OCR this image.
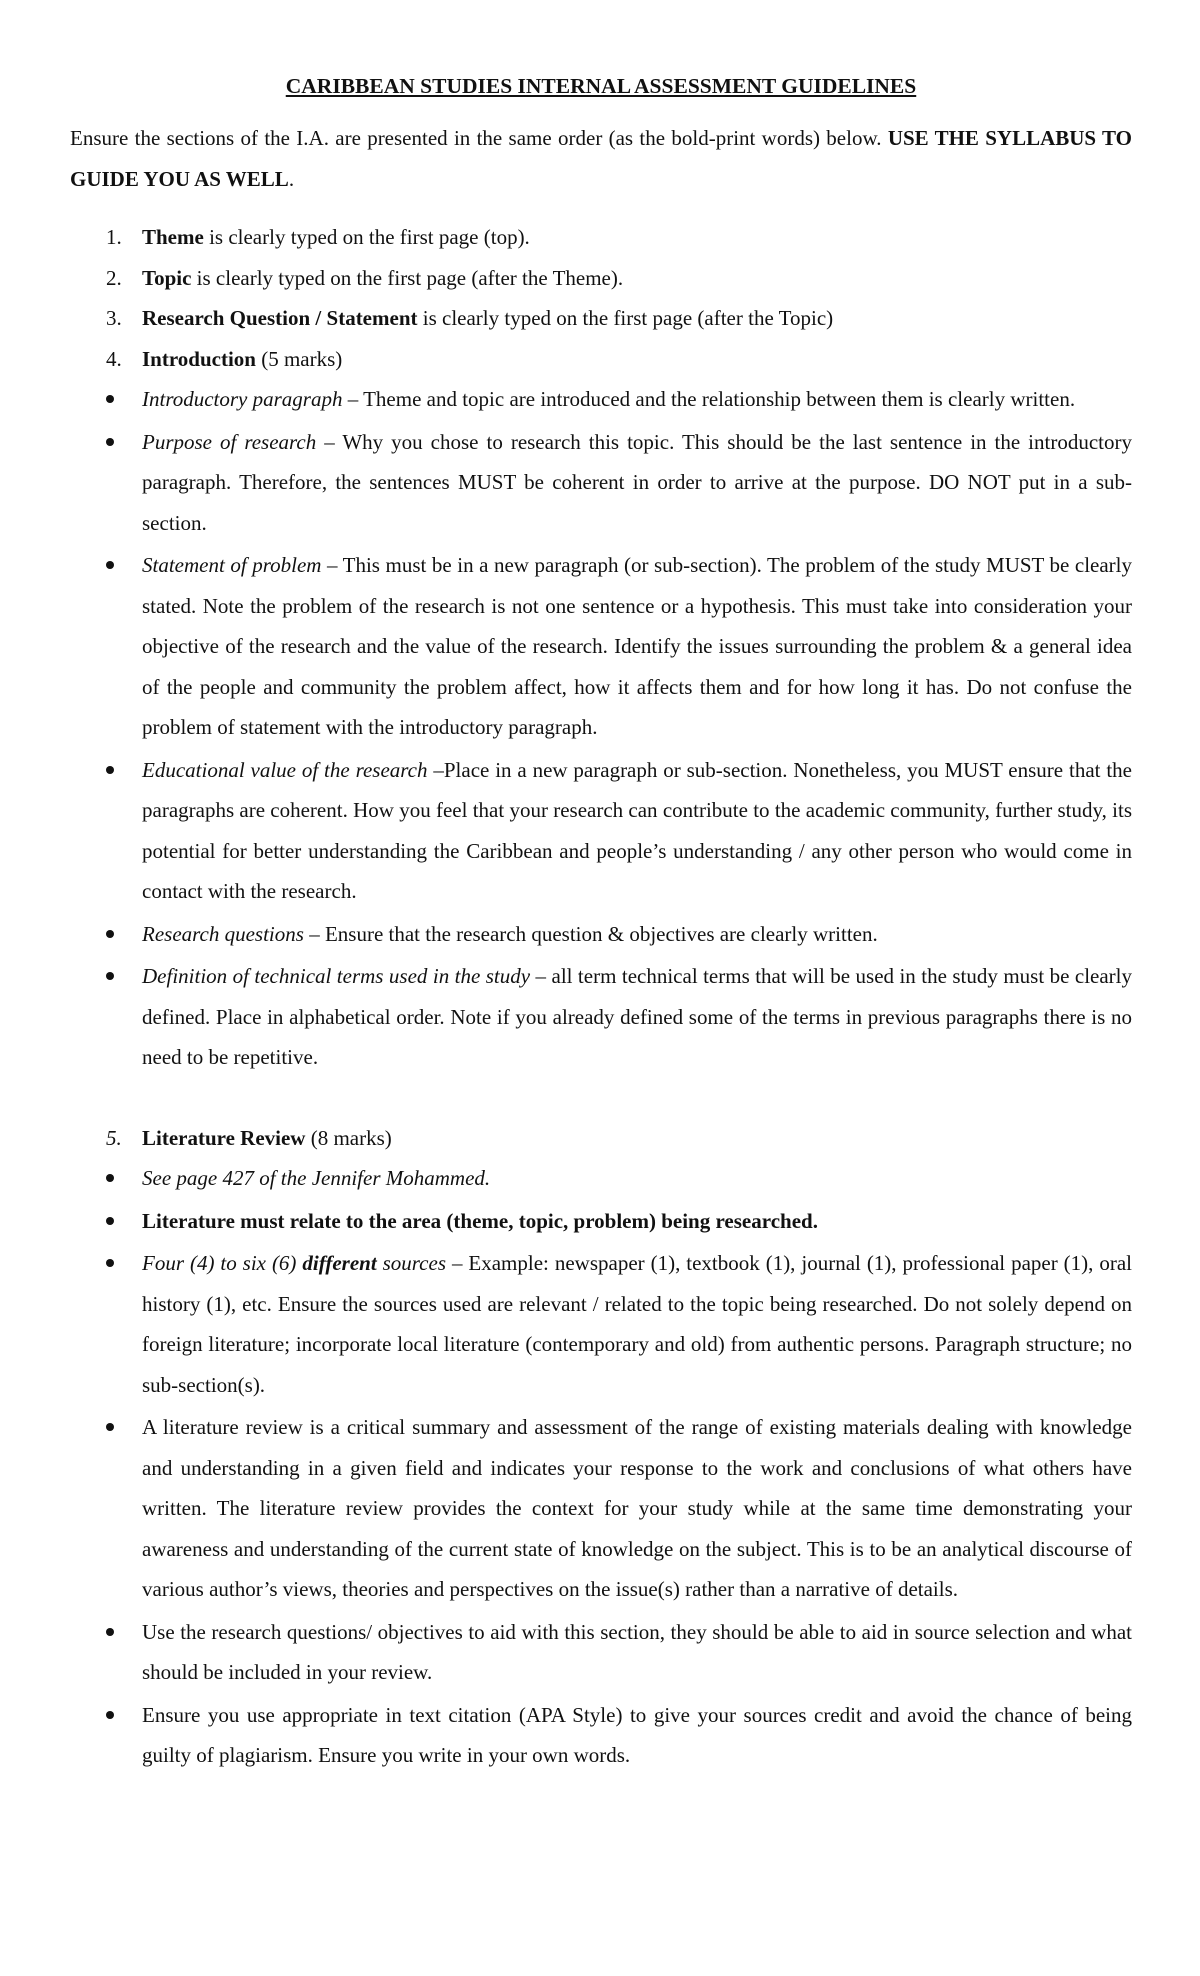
CARIBBEAN STUDIES INTERNAL ASSESSMENT GUIDELINES

Ensure the sections of the I.A. are presented in the same order (as the bold-print words) below. USE THE SYLLABUS TO GUIDE YOU AS WELL.

1. Theme is clearly typed on the first page (top).
2. Topic is clearly typed on the first page (after the Theme).
3. Research Question / Statement is clearly typed on the first page (after the Topic)
4. Introduction (5 marks)
Introductory paragraph – Theme and topic are introduced and the relationship between them is clearly written.
Purpose of research – Why you chose to research this topic. This should be the last sentence in the introductory paragraph. Therefore, the sentences MUST be coherent in order to arrive at the purpose. DO NOT put in a sub-section.
Statement of problem – This must be in a new paragraph (or sub-section). The problem of the study MUST be clearly stated. Note the problem of the research is not one sentence or a hypothesis. This must take into consideration your objective of the research and the value of the research. Identify the issues surrounding the problem & a general idea of the people and community the problem affect, how it affects them and for how long it has. Do not confuse the problem of statement with the introductory paragraph.
Educational value of the research –Place in a new paragraph or sub-section. Nonetheless, you MUST ensure that the paragraphs are coherent. How you feel that your research can contribute to the academic community, further study, its potential for better understanding the Caribbean and people’s understanding / any other person who would come in contact with the research.
Research questions – Ensure that the research question & objectives are clearly written.
Definition of technical terms used in the study – all term technical terms that will be used in the study must be clearly defined. Place in alphabetical order. Note if you already defined some of the terms in previous paragraphs there is no need to be repetitive.
5. Literature Review (8 marks)
See page 427 of the Jennifer Mohammed.
Literature must relate to the area (theme, topic, problem) being researched.
Four (4) to six (6) different sources – Example: newspaper (1), textbook (1), journal (1), professional paper (1), oral history (1), etc. Ensure the sources used are relevant / related to the topic being researched. Do not solely depend on foreign literature; incorporate local literature (contemporary and old) from authentic persons. Paragraph structure; no sub-section(s).
A literature review is a critical summary and assessment of the range of existing materials dealing with knowledge and understanding in a given field and indicates your response to the work and conclusions of what others have written. The literature review provides the context for your study while at the same time demonstrating your awareness and understanding of the current state of knowledge on the subject. This is to be an analytical discourse of various author’s views, theories and perspectives on the issue(s) rather than a narrative of details.
Use the research questions/ objectives to aid with this section, they should be able to aid in source selection and what should be included in your review.
Ensure you use appropriate in text citation (APA Style) to give your sources credit and avoid the chance of being guilty of plagiarism. Ensure you write in your own words.
